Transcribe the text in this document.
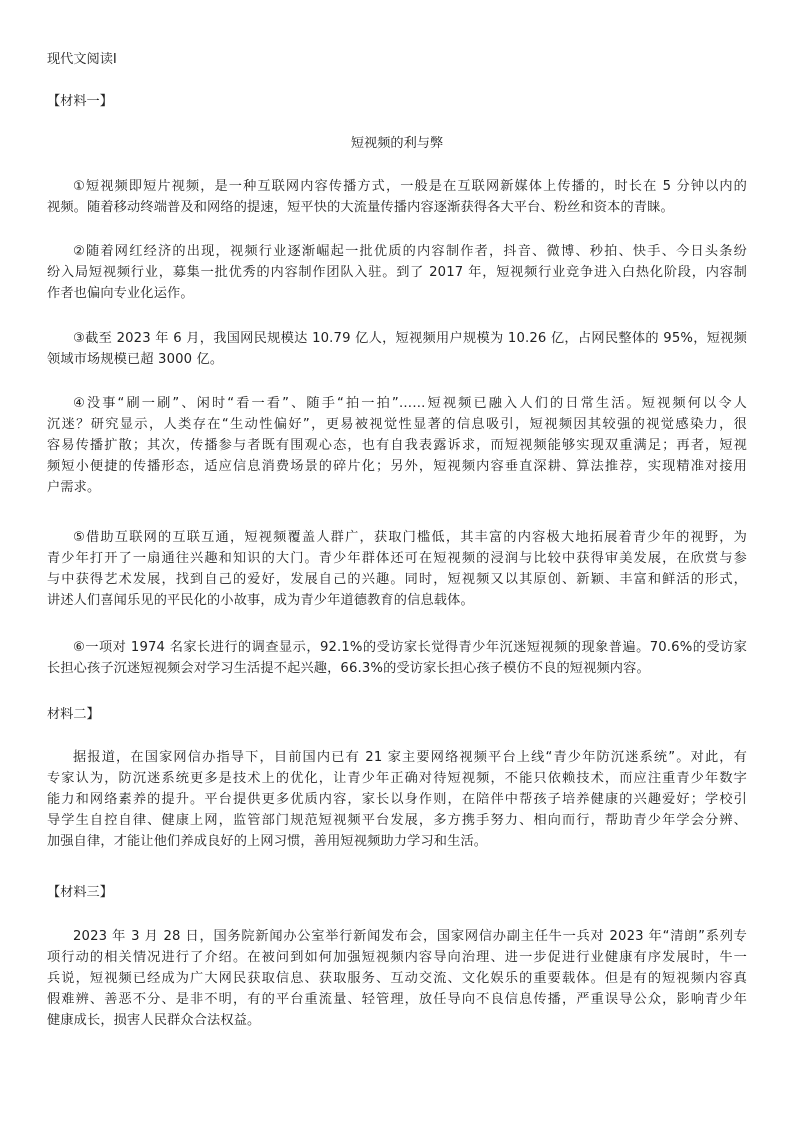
现代文阅读Ⅰ

【材料一】

短视频的利与弊

①短视频即短片视频，是一种互联网内容传播方式，一般是在互联网新媒体上传播的，时长在 5 分钟以内的
视频。随着移动终端普及和网络的提速，短平快的大流量传播内容逐渐获得各大平台、粉丝和资本的青睐。
②随着网红经济的出现，视频行业逐渐崛起一批优质的内容制作者，抖音、微博、秒拍、快手、今日头条纷
纷入局短视频行业，募集一批优秀的内容制作团队入驻。到了 2017 年，短视频行业竞争进入白热化阶段，内容制
作者也偏向专业化运作。
③截至 2023 年 6 月，我国网民规模达 10.79 亿人，短视频用户规模为 10.26 亿，占网民整体的 95%，短视频
领域市场规模已超 3000 亿。
④没事“刷一刷”、闲时“看一看”、随手“拍一拍”……短视频已融入人们的日常生活。短视频何以令人
沉迷？研究显示，人类存在“生动性偏好”，更易被视觉性显著的信息吸引，短视频因其较强的视觉感染力，很
容易传播扩散；其次，传播参与者既有围观心态，也有自我表露诉求，而短视频能够实现双重满足；再者，短视
频短小便捷的传播形态，适应信息消费场景的碎片化；另外，短视频内容垂直深耕、算法推荐，实现精准对接用
户需求。
⑤借助互联网的互联互通，短视频覆盖人群广，获取门槛低，其丰富的内容极大地拓展着青少年的视野，为
青少年打开了一扇通往兴趣和知识的大门。青少年群体还可在短视频的浸润与比较中获得审美发展，在欣赏与参
与中获得艺术发展，找到自己的爱好，发展自己的兴趣。同时，短视频又以其原创、新颖、丰富和鲜活的形式，
讲述人们喜闻乐见的平民化的小故事，成为青少年道德教育的信息载体。
⑥一项对 1974 名家长进行的调查显示，92.1%的受访家长觉得青少年沉迷短视频的现象普遍。70.6%的受访家
长担心孩子沉迷短视频会对学习生活提不起兴趣，66.3%的受访家长担心孩子模仿不良的短视频内容。

材料二】

据报道，在国家网信办指导下，目前国内已有 21 家主要网络视频平台上线“青少年防沉迷系统”。对此，有
专家认为，防沉迷系统更多是技术上的优化，让青少年正确对待短视频，不能只依赖技术，而应注重青少年数字
能力和网络素养的提升。平台提供更多优质内容，家长以身作则，在陪伴中帮孩子培养健康的兴趣爱好；学校引
导学生自控自律、健康上网，监管部门规范短视频平台发展，多方携手努力、相向而行，帮助青少年学会分辨、
加强自律，才能让他们养成良好的上网习惯，善用短视频助力学习和生活。

【材料三】

2023 年 3 月 28 日，国务院新闻办公室举行新闻发布会，国家网信办副主任牛一兵对 2023 年“清朗”系列专
项行动的相关情况进行了介绍。在被问到如何加强短视频内容导向治理、进一步促进行业健康有序发展时，牛一
兵说，短视频已经成为广大网民获取信息、获取服务、互动交流、文化娱乐的重要载体。但是有的短视频内容真
假难辨、善恶不分、是非不明，有的平台重流量、轻管理，放任导向不良信息传播，严重误导公众，影响青少年
健康成长，损害人民群众合法权益。
